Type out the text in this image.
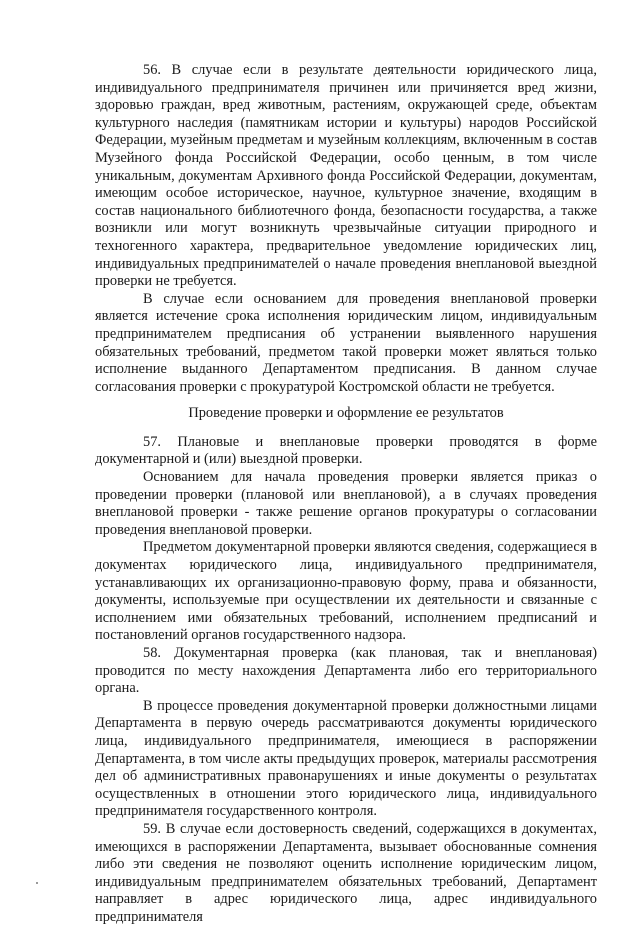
56. В случае если в результате деятельности юридического лица, индивидуального предпринимателя причинен или причиняется вред жизни, здоровью граждан, вред животным, растениям, окружающей среде, объектам культурного наследия (памятникам истории и культуры) народов Российской Федерации, музейным предметам и музейным коллекциям, включенным в состав Музейного фонда Российской Федерации, особо ценным, в том числе уникальным, документам Архивного фонда Российской Федерации, документам, имеющим особое историческое, научное, культурное значение, входящим в состав национального библиотечного фонда, безопасности государства, а также возникли или могут возникнуть чрезвычайные ситуации природного и техногенного характера, предварительное уведомление юридических лиц, индивидуальных предпринимателей о начале проведения внеплановой выездной проверки не требуется.

В случае если основанием для проведения внеплановой проверки является истечение срока исполнения юридическим лицом, индивидуальным предпринимателем предписания об устранении выявленного нарушения обязательных требований, предметом такой проверки может являться только исполнение выданного Департаментом предписания. В данном случае согласования проверки с прокуратурой Костромской области не требуется.

Проведение проверки и оформление ее результатов

57. Плановые и внеплановые проверки проводятся в форме документарной и (или) выездной проверки.

Основанием для начала проведения проверки является приказ о проведении проверки (плановой или внеплановой), а в случаях проведения внеплановой проверки - также решение органов прокуратуры о согласовании проведения внеплановой проверки.

Предметом документарной проверки являются сведения, содержащиеся в документах юридического лица, индивидуального предпринимателя, устанавливающих их организационно-правовую форму, права и обязанности, документы, используемые при осуществлении их деятельности и связанные с исполнением ими обязательных требований, исполнением предписаний и постановлений органов государственного надзора.

58. Документарная проверка (как плановая, так и внеплановая) проводится по месту нахождения Департамента либо его территориального органа.

В процессе проведения документарной проверки должностными лицами Департамента в первую очередь рассматриваются документы юридического лица, индивидуального предпринимателя, имеющиеся в распоряжении Департамента, в том числе акты предыдущих проверок, материалы рассмотрения дел об административных правонарушениях и иные документы о результатах осуществленных в отношении этого юридического лица, индивидуального предпринимателя государственного контроля.

59. В случае если достоверность сведений, содержащихся в документах, имеющихся в распоряжении Департамента, вызывает обоснованные сомнения либо эти сведения не позволяют оценить исполнение юридическим лицом, индивидуальным предпринимателем обязательных требований, Департамент направляет в адрес юридического лица, адрес индивидуального предпринимателя
